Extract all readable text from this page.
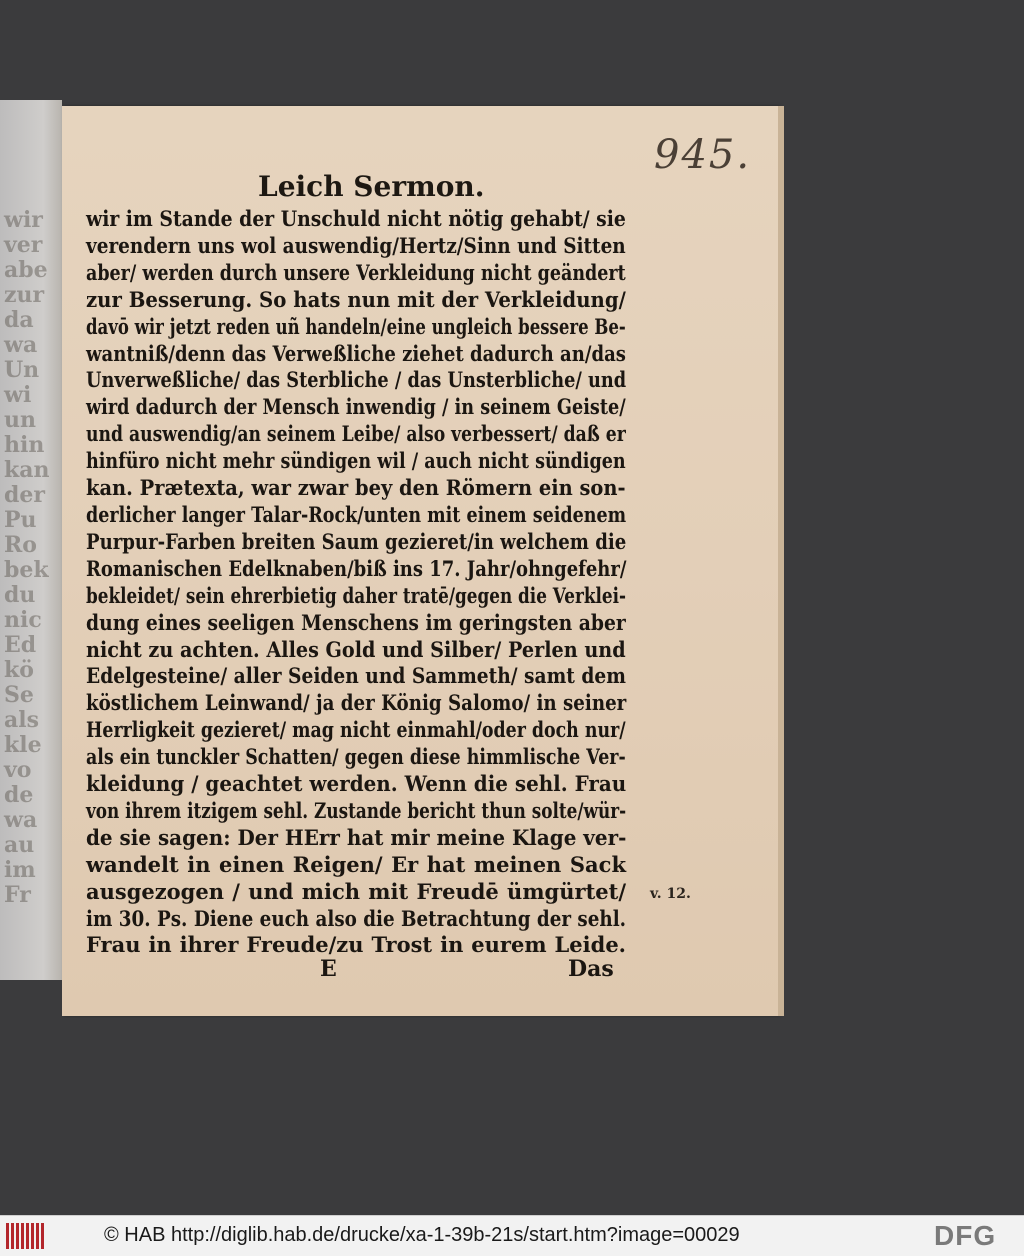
wir
ver
abe
zur
da
wa
Un
wi
un
hin
kan
der
Pu
Ro
bek
du
nic
Ed
kö
Se
als
kle
vo
de
wa
au
im
Fr
945.
Leich Sermon.
wir im Stande der Unschuld nicht nötig gehabt/ sie
verendern uns wol auswendig/Hertz/Sinn und Sitten
aber/ werden durch unsere Verkleidung nicht geändert
zur Besserung. So hats nun mit der Verkleidung/
davō wir jetzt reden uñ handeln/eine ungleich bessere Be-
wantniß/denn das Verweßliche ziehet dadurch an/das
Unverweßliche/ das Sterbliche / das Unsterbliche/ und
wird dadurch der Mensch inwendig / in seinem Geiste/
und auswendig/an seinem Leibe/ also verbessert/ daß er
hinfüro nicht mehr sündigen wil / auch nicht sündigen
kan. Prætexta, war zwar bey den Römern ein son-
derlicher langer Talar-Rock/unten mit einem seidenem
Purpur-Farben breiten Saum gezieret/in welchem die
Romanischen Edelknaben/biß ins 17. Jahr/ohngefehr/
bekleidet/ sein ehrerbietig daher tratē/gegen die Verklei-
dung eines seeligen Menschens im geringsten aber
nicht zu achten. Alles Gold und Silber/ Perlen und
Edelgesteine/ aller Seiden und Sammeth/ samt dem
köstlichem Leinwand/ ja der König Salomo/ in seiner
Herrligkeit gezieret/ mag nicht einmahl/oder doch nur/
als ein tunckler Schatten/ gegen diese himmlische Ver-
kleidung / geachtet werden. Wenn die sehl. Frau
von ihrem itzigem sehl. Zustande bericht thun solte/wür-
de sie sagen: Der HErr hat mir meine Klage ver-
wandelt in einen Reigen/ Er hat meinen Sack
ausgezogen / und mich mit Freudē ümgürtet/
im 30. Ps. Diene euch also die Betrachtung der sehl.
Frau in ihrer Freude/zu Trost in eurem Leide.
v. 12.
E	Das
© HAB http://diglib.hab.de/drucke/xa-1-39b-21s/start.htm?image=00029	DFG
